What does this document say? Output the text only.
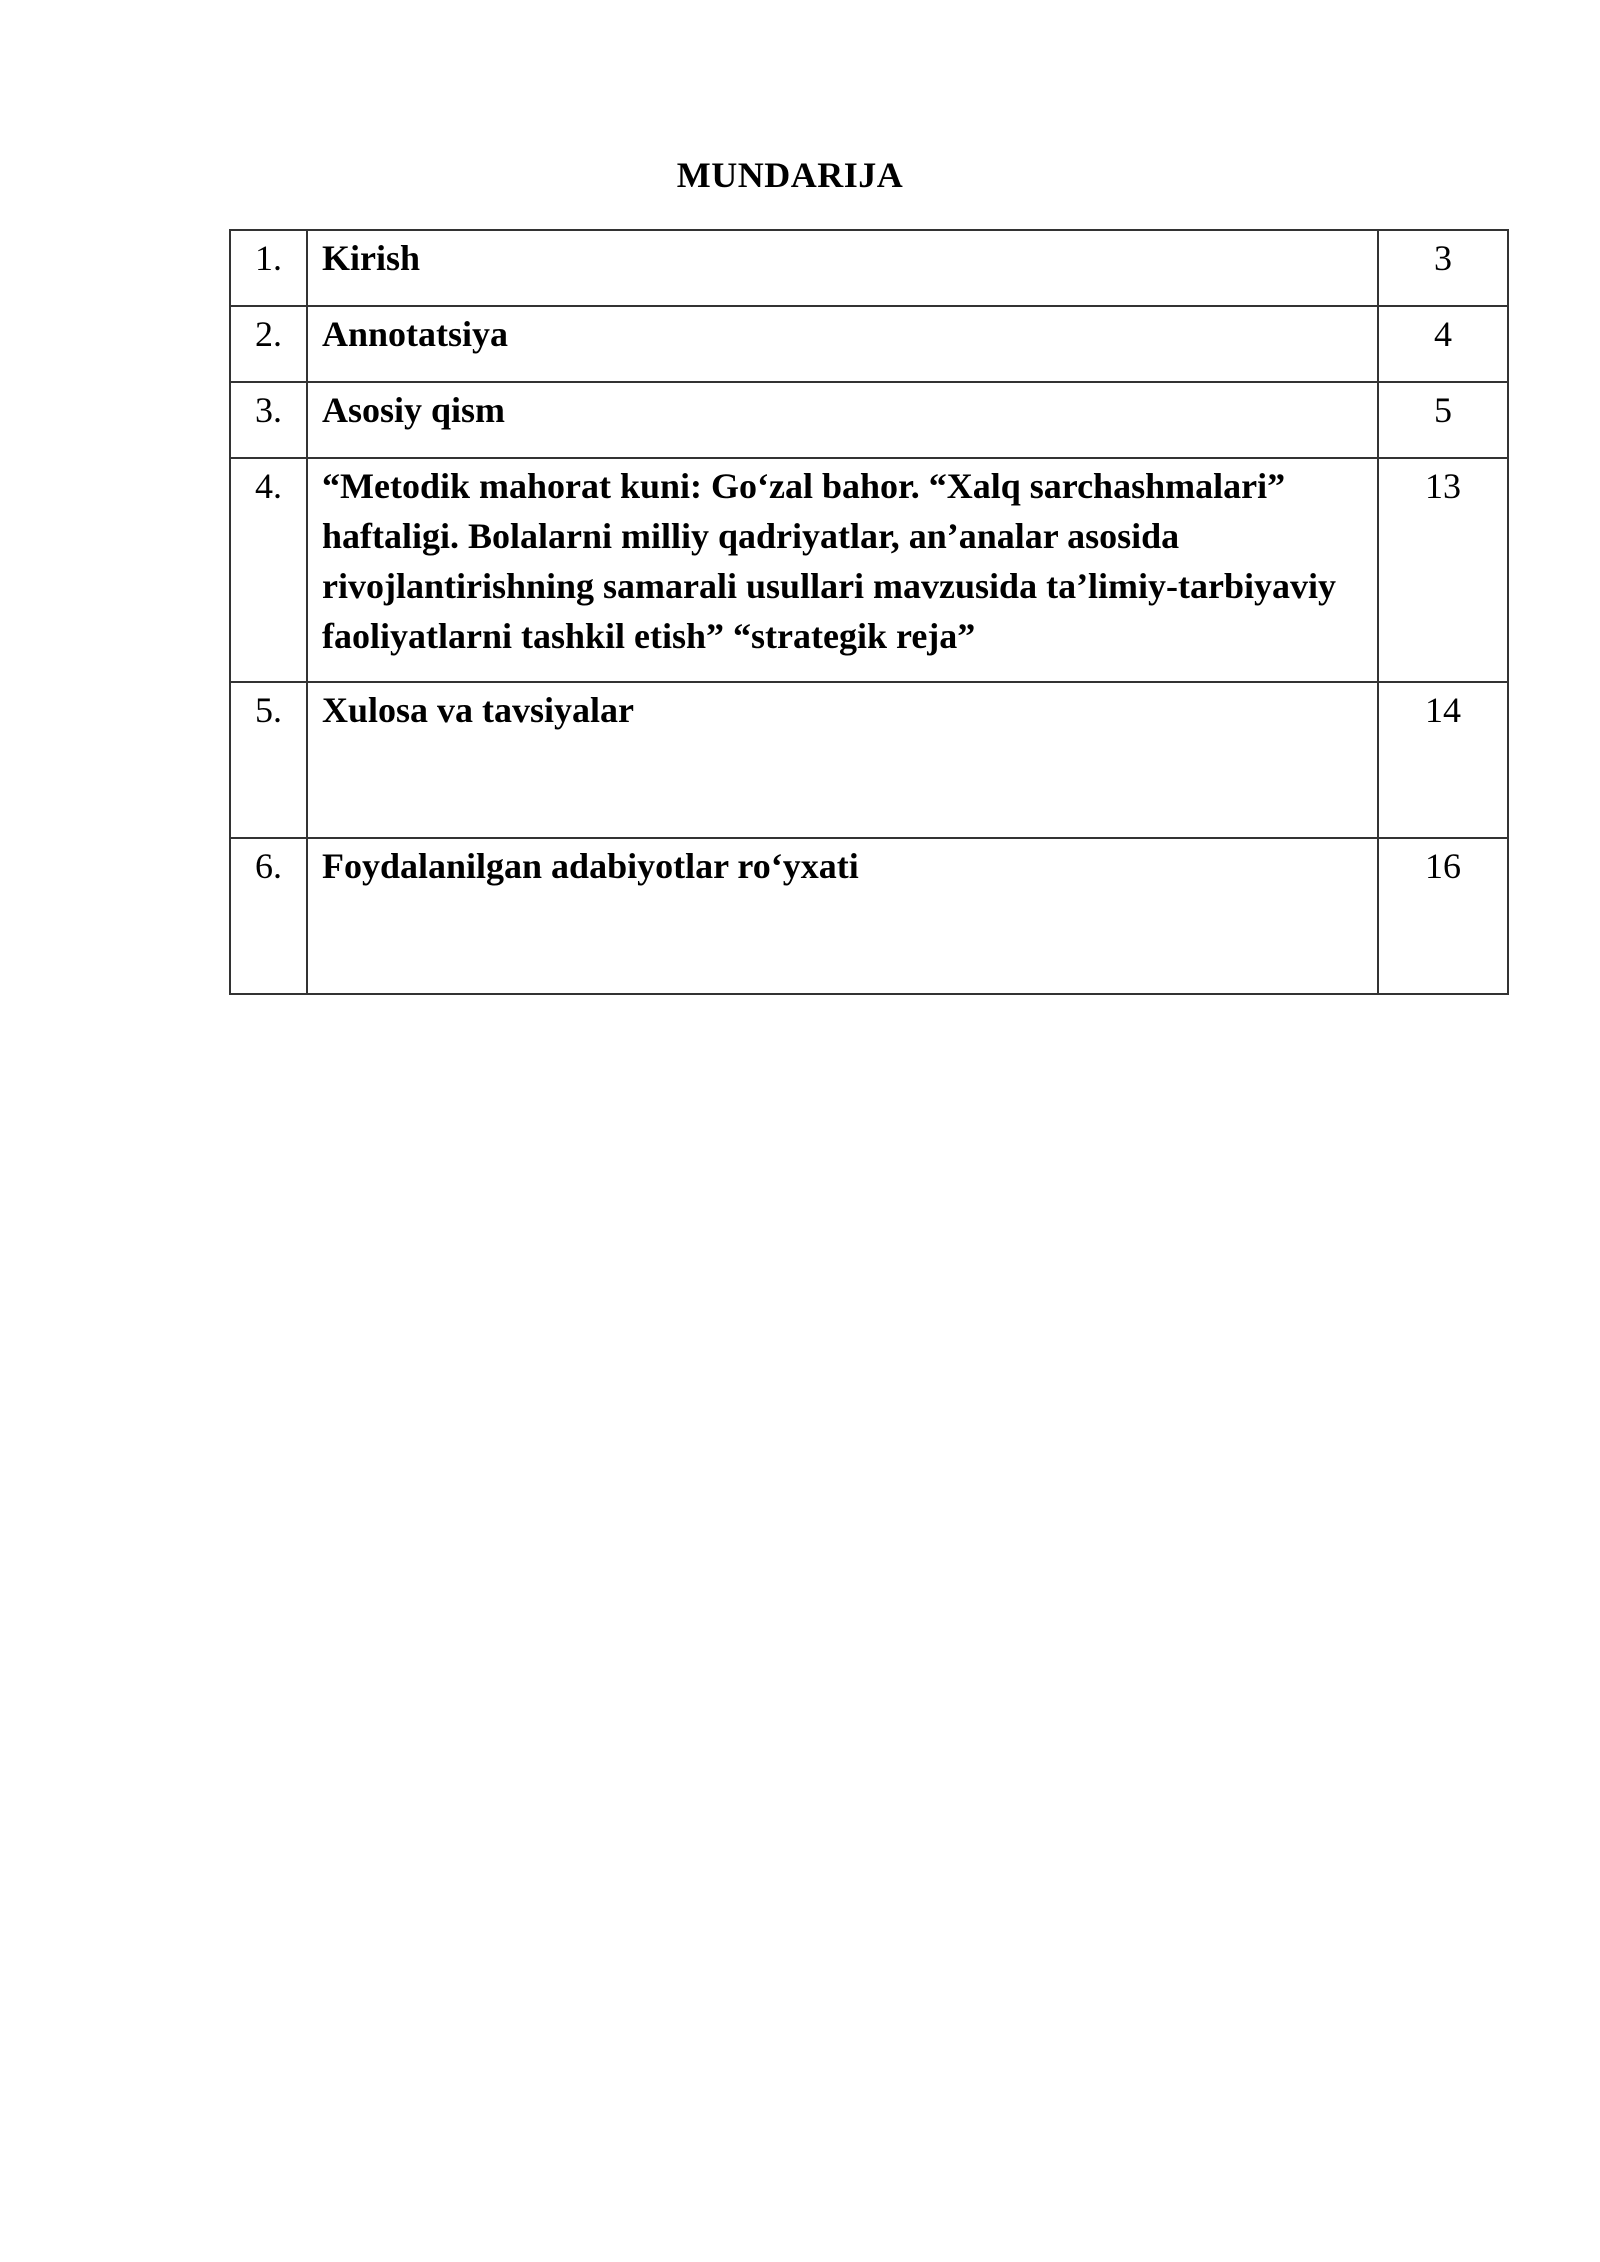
MUNDARIJA
1.	Kirish	3
2.	Annotatsiya	4
3.	Asosiy qism	5
4.	“Metodik mahorat kuni: Go‘zal bahor. “Xalq sarchashmalari” haftaligi. Bolalarni milliy qadriyatlar, an’analar asosida rivojlantirishning samarali usullari mavzusida ta’limiy-tarbiyaviy faoliyatlarni tashkil etish” “strategik reja”	13
5.	Xulosa va tavsiyalar	14
6.	Foydalanilgan adabiyotlar ro‘yxati	16
